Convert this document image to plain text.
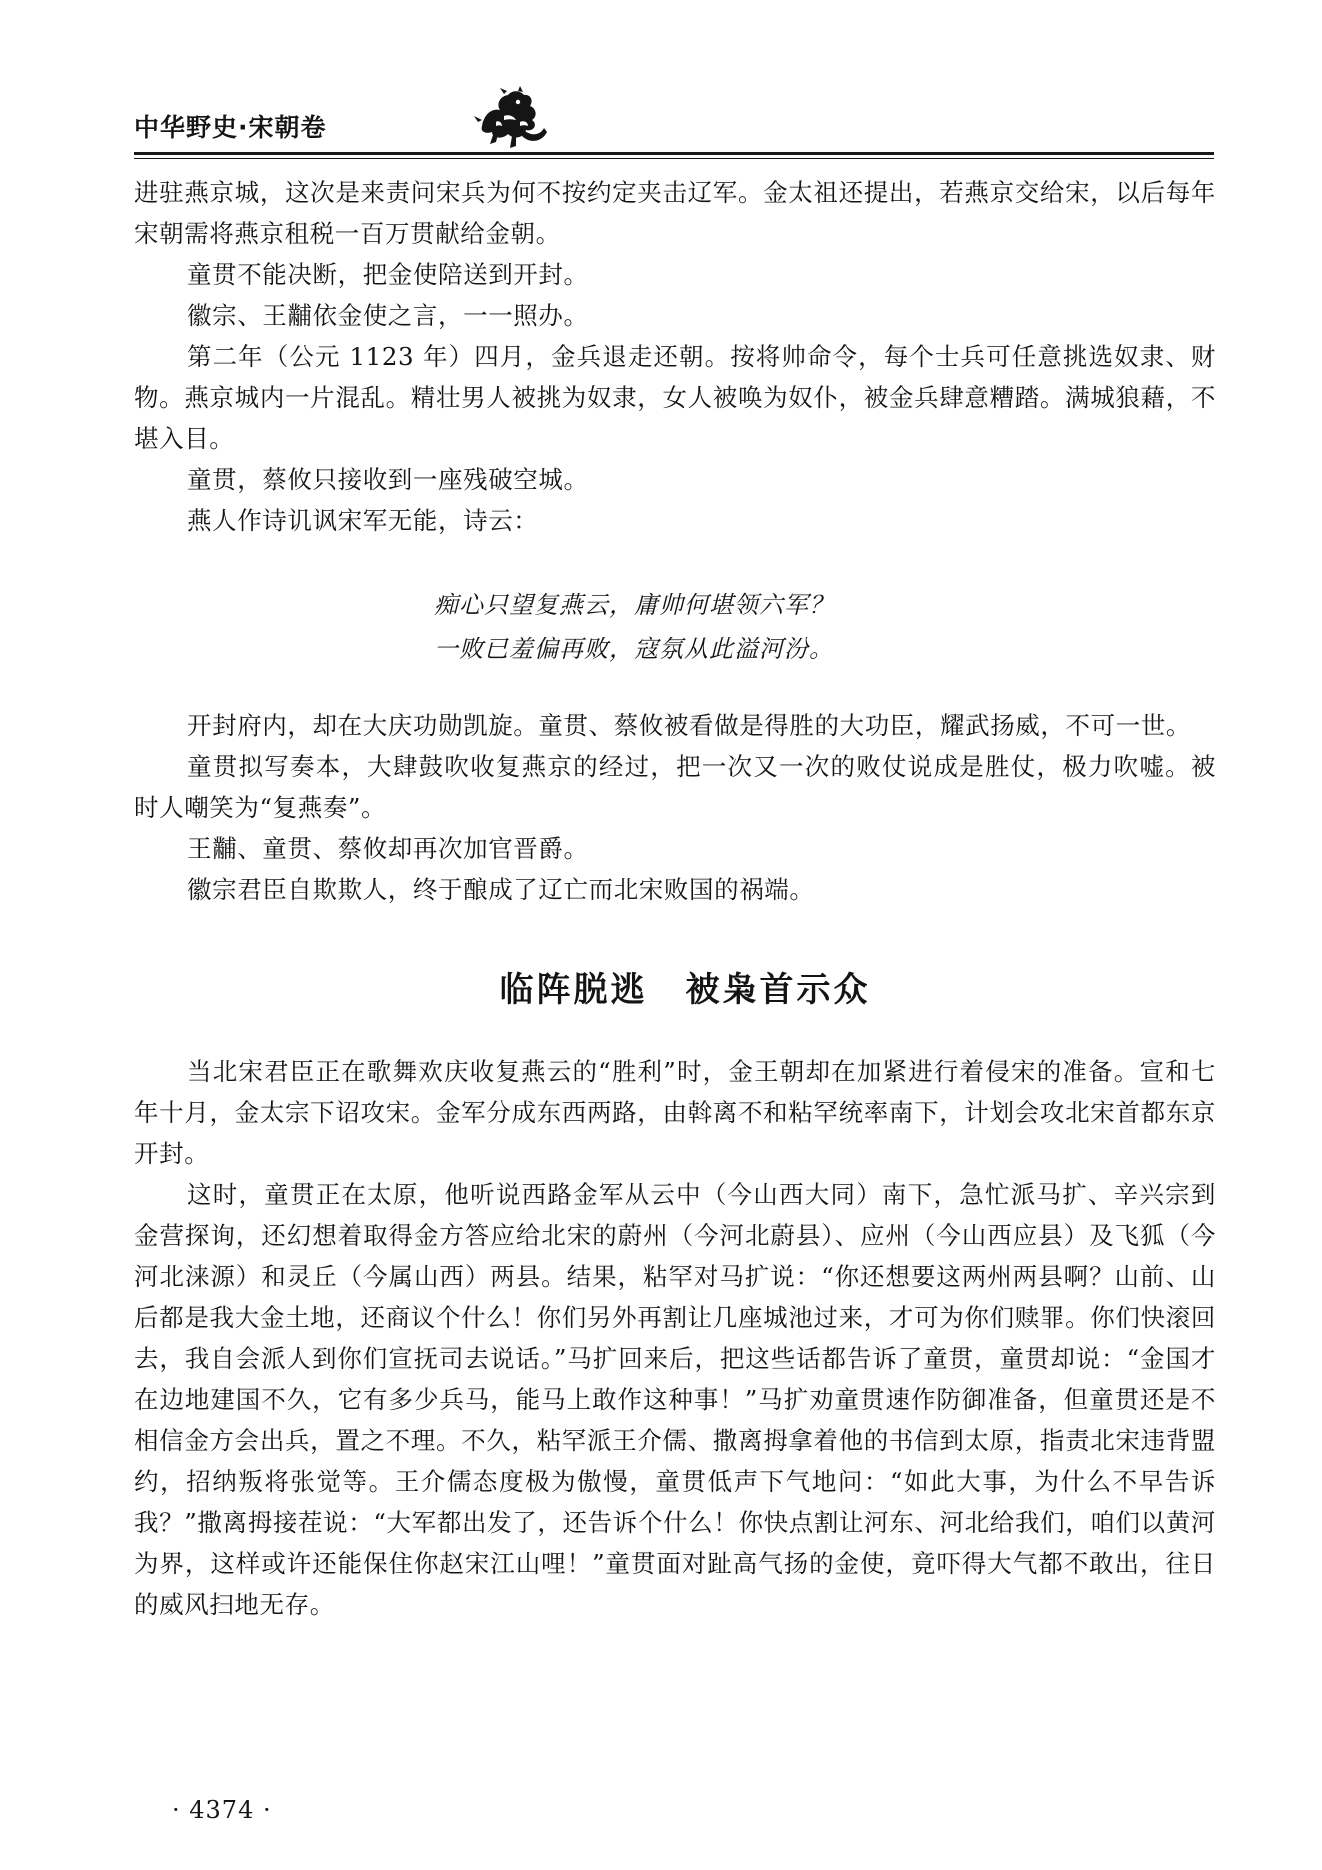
中华野史·宋朝卷

进驻燕京城，这次是来责问宋兵为何不按约定夹击辽军。金太祖还提出，若燕京交给宋，以后每年宋朝需将燕京租税一百万贯献给金朝。

童贯不能决断，把金使陪送到开封。

徽宗、王黼依金使之言，一一照办。

第二年（公元 1123 年）四月，金兵退走还朝。按将帅命令，每个士兵可任意挑选奴隶、财物。燕京城内一片混乱。精壮男人被挑为奴隶，女人被唤为奴仆，被金兵肆意糟踏。满城狼藉，不堪入目。

童贯，蔡攸只接收到一座残破空城。

燕人作诗讥讽宋军无能，诗云：

痴心只望复燕云，庸帅何堪领六军？
一败已羞偏再败，寇氛从此溢河汾。

开封府内，却在大庆功勋凯旋。童贯、蔡攸被看做是得胜的大功臣，耀武扬威，不可一世。

童贯拟写奏本，大肆鼓吹收复燕京的经过，把一次又一次的败仗说成是胜仗，极力吹嘘。被时人嘲笑为“复燕奏”。

王黼、童贯、蔡攸却再次加官晋爵。

徽宗君臣自欺欺人，终于酿成了辽亡而北宋败国的祸端。

临阵脱逃 被枭首示众

当北宋君臣正在歌舞欢庆收复燕云的“胜利”时，金王朝却在加紧进行着侵宋的准备。宣和七年十月，金太宗下诏攻宋。金军分成东西两路，由斡离不和粘罕统率南下，计划会攻北宋首都东京开封。

这时，童贯正在太原，他听说西路金军从云中（今山西大同）南下，急忙派马扩、辛兴宗到金营探询，还幻想着取得金方答应给北宋的蔚州（今河北蔚县）、应州（今山西应县）及飞狐（今河北涞源）和灵丘（今属山西）两县。结果，粘罕对马扩说：“你还想要这两州两县啊？山前、山后都是我大金土地，还商议个什么！你们另外再割让几座城池过来，才可为你们赎罪。你们快滚回去，我自会派人到你们宣抚司去说话。”马扩回来后，把这些话都告诉了童贯，童贯却说：“金国才在边地建国不久，它有多少兵马，能马上敢作这种事！”马扩劝童贯速作防御准备，但童贯还是不相信金方会出兵，置之不理。不久，粘罕派王介儒、撒离拇拿着他的书信到太原，指责北宋违背盟约，招纳叛将张觉等。王介儒态度极为傲慢，童贯低声下气地问：“如此大事，为什么不早告诉我？”撒离拇接茬说：“大军都出发了，还告诉个什么！你快点割让河东、河北给我们，咱们以黄河为界，这样或许还能保住你赵宋江山哩！”童贯面对趾高气扬的金使，竟吓得大气都不敢出，往日的威风扫地无存。

· 4374 ·
